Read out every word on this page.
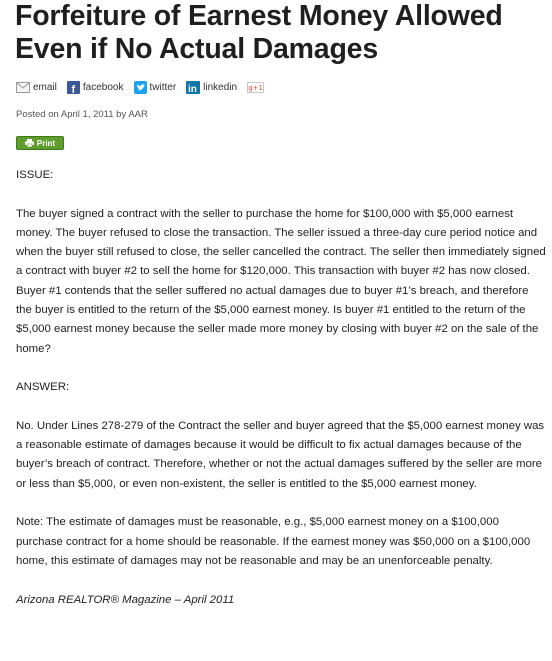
Forfeiture of Earnest Money Allowed
Even if No Actual Damages
email f facebook	twitter in linkedin g+1
Posted on April 1, 2011 by AAR
Print

ISSUE:

The buyer signed a contract with the seller to purchase the home for $100,000 with $5,000 earnest money. The buyer refused to close the transaction. The seller issued a three-day cure period notice and when the buyer still refused to close, the seller cancelled the contract. The seller then immediately signed a contract with buyer #2 to sell the home for $120,000. This transaction with buyer #2 has now closed. Buyer #1 contends that the seller suffered no actual damages due to buyer #1’s breach, and therefore the buyer is entitled to the return of the $5,000 earnest money. Is buyer #1 entitled to the return of the $5,000 earnest money because the seller made more money by closing with buyer #2 on the sale of the home?

ANSWER:

No. Under Lines 278-279 of the Contract the seller and buyer agreed that the $5,000 earnest money was a reasonable estimate of damages because it would be difficult to fix actual damages because of the buyer’s breach of contract. Therefore, whether or not the actual damages suffered by the seller are more or less than $5,000, or even non-existent, the seller is entitled to the $5,000 earnest money.

Note: The estimate of damages must be reasonable, e.g., $5,000 earnest money on a $100,000 purchase contract for a home should be reasonable. If the earnest money was $50,000 on a $100,000 home, this estimate of damages may not be reasonable and may be an unenforceable penalty.

Arizona REALTOR® Magazine – April 2011
